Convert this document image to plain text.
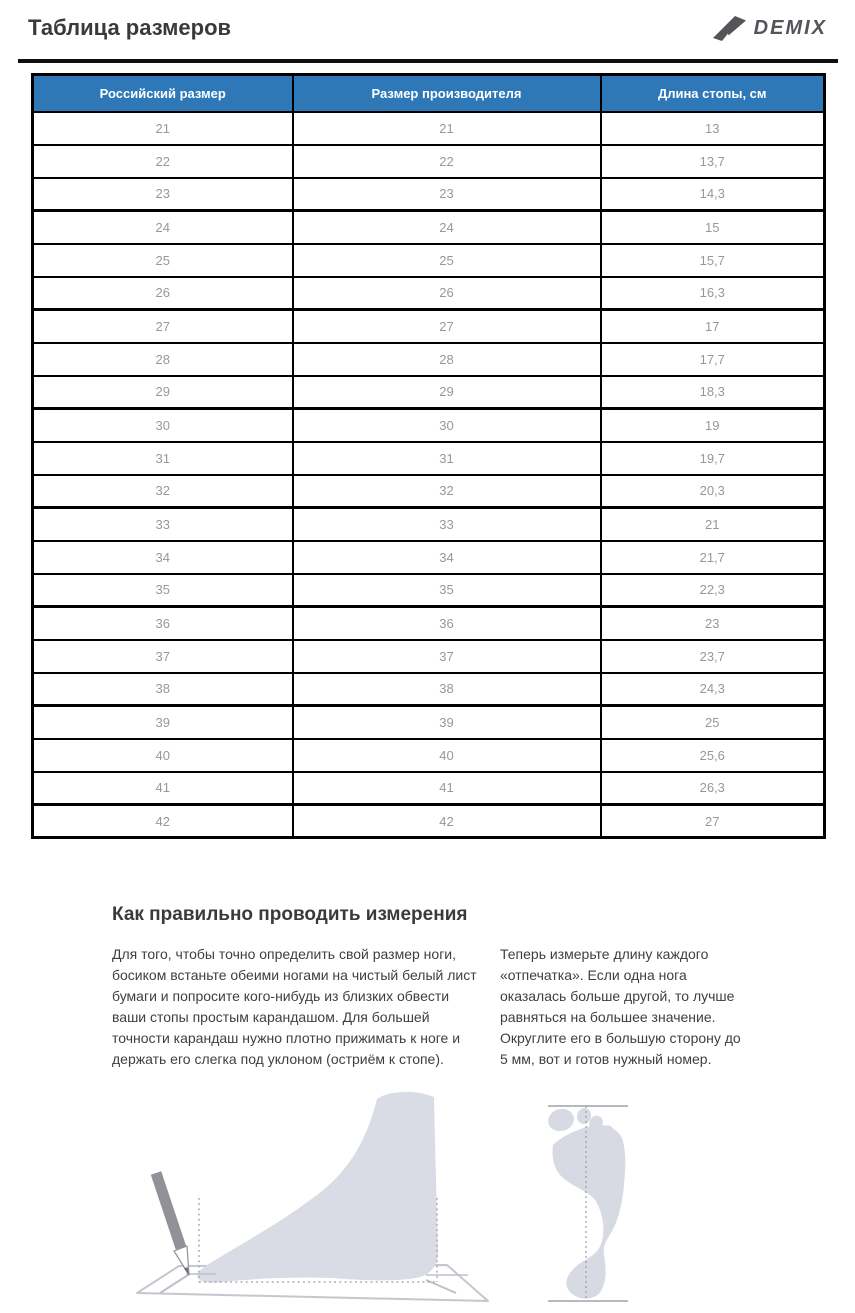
Таблица размеров	DEMIX
Российский размер	Размер производителя	Длина стопы, см
21	21	13
22	22	13,7
23	23	14,3
24	24	15
25	25	15,7
26	26	16,3
27	27	17
28	28	17,7
29	29	18,3
30	30	19
31	31	19,7
32	32	20,3
33	33	21
34	34	21,7
35	35	22,3
36	36	23
37	37	23,7
38	38	24,3
39	39	25
40	40	25,6
41	41	26,3
42	42	27
Как правильно проводить измерения

Для того, чтобы точно определить свой размер ноги, босиком встаньте обеими ногами на чистый белый лист бумаги и попросите кого-нибудь из близких обвести ваши стопы простым карандашом. Для большей точности карандаш нужно плотно прижимать к ноге и держать его слегка под уклоном (остриём к стопе).

Теперь измерьте длину каждого «отпечатка». Если одна нога оказалась больше другой, то лучше равняться на большее значение. Округлите его в большую сторону до 5 мм, вот и готов нужный номер.
